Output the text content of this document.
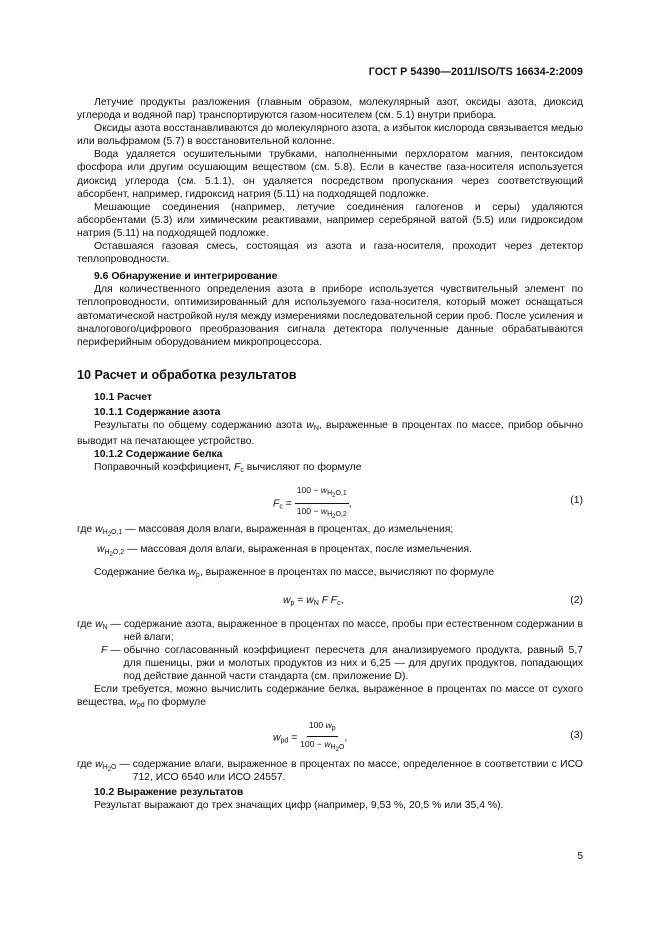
ГОСТ Р 54390—2011/ISO/TS 16634-2:2009

Летучие продукты разложения (главным образом, молекулярный азот, оксиды азота, диоксид углерода и водяной пар) транспортируются газом-носителем (см. 5.1) внутри прибора.

Оксиды азота восстанавливаются до молекулярного азота, а избыток кислорода связывается медью или вольфрамом (5.7) в восстановительной колонне.

Вода удаляется осушительными трубками, наполненными перхлоратом магния, пентоксидом фосфора или другим осушающим веществом (см. 5.8). Если в качестве газа-носителя используется диоксид углерода (см. 5.1.1), он удаляется посредством пропускания через соответствующий абсорбент, например, гидроксид натрия (5.11) на подходящей подложке.

Мешающие соединения (например, летучие соединения галогенов и серы) удаляются абсорбентами (5.3) или химическим реактивами, например серебряной ватой (5.5) или гидроксидом натрия (5.11) на подходящей подложке.

Оставшаяся газовая смесь, состоящая из азота и газа-носителя, проходит через детектор теплопроводности.

9.6 Обнаружение и интегрирование

Для количественного определения азота в приборе используется чувствительный элемент по теплопроводности, оптимизированный для используемого газа-носителя, который может оснащаться автоматической настройкой нуля между измерениями последовательной серии проб. После усиления и аналогового/цифрового преобразования сигнала детектора полученные данные обрабатываются периферийным оборудованием микропроцессора.

10 Расчет и обработка результатов

10.1 Расчет

10.1.1 Содержание азота

Результаты по общему содержанию азота $w_N$, выраженные в процентах по массе, прибор обычно выводит на печатающее устройство.

10.1.2 Содержание белка

Поправочный коэффициент, $F_c$ вычисляют по формуле

$F_c = \frac{100 - w_{H_2O,1}}{100 - w_{H_2O,2}}$ ,	(1)

где $w_{H_2O,1}$ — массовая доля влаги, выраженная в процентах, до измельчения;

$w_{H_2O,2}$ — массовая доля влаги, выраженная в процентах, после измельчения.

Содержание белка $w_p$, выраженное в процентах по массе, вычисляют по формуле

$w_p = w_N$ F $F_c$,	(2)
где $w_N$ — содержание азота, выраженное в процентах по массе, пробы при естественном содержании в ней влаги;
F — обычно согласованный коэффициент пересчета для анализируемого продукта, равный 5,7 для пшеницы, ржи и молотых продуктов из них и 6,25 — для других продуктов, попадающих под действие данной части стандарта (см. приложение D).

Если требуется, можно вычислить содержание белка, выраженное в процентах по массе от сухого вещества, $w_{pd}$ по формуле

$w_{pd} = \frac{100 w_p}{100 - w_{H_2O}}$ ,	(3)
где $w_{H_2O}$ — содержание влаги, выраженное в процентах по массе, определенное в соответствии с ИСО 712, ИСО 6540 или ИСО 24557.

10.2 Выражение результатов

Результат выражают до трех значащих цифр (например, 9,53 %, 20,5 % или 35,4 %).

5
